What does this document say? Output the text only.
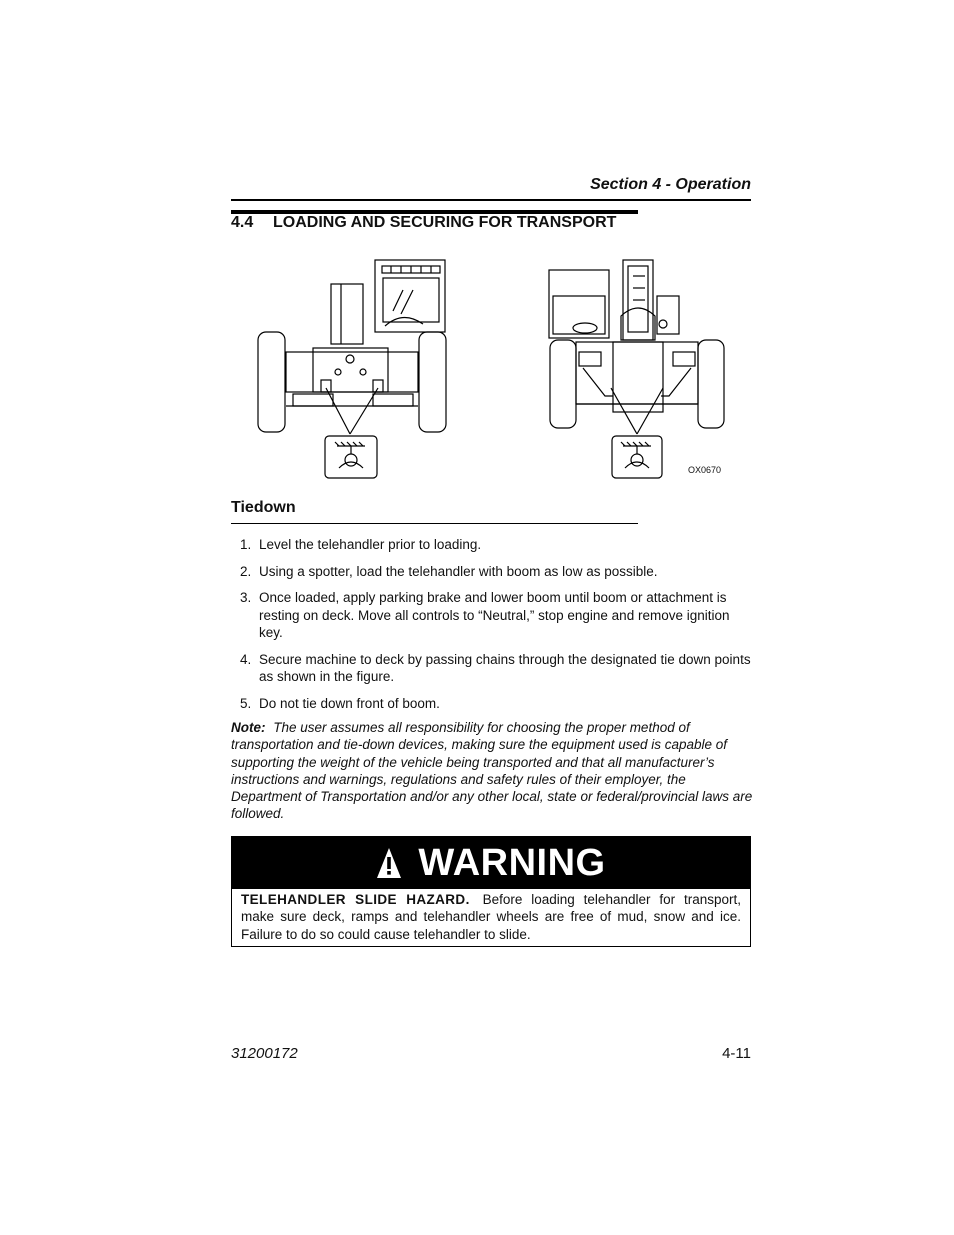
Section 4 - Operation
4.4 LOADING AND SECURING FOR TRANSPORT
OX0670
Tiedown
1. Level the telehandler prior to loading.
2. Using a spotter, load the telehandler with boom as low as possible.
3. Once loaded, apply parking brake and lower boom until boom or attachment is resting on deck. Move all controls to “Neutral,” stop engine and remove ignition key.
4. Secure machine to deck by passing chains through the designated tie down points as shown in the figure.
5. Do not tie down front of boom.
Note: The user assumes all responsibility for choosing the proper method of transportation and tie-down devices, making sure the equipment used is capable of supporting the weight of the vehicle being transported and that all manufacturer’s instructions and warnings, regulations and safety rules of their employer, the Department of Transportation and/or any other local, state or federal/provincial laws are followed.
WARNING
TELEHANDLER SLIDE HAZARD. Before loading telehandler for transport, make sure deck, ramps and telehandler wheels are free of mud, snow and ice. Failure to do so could cause telehandler to slide.
31200172	4-11
